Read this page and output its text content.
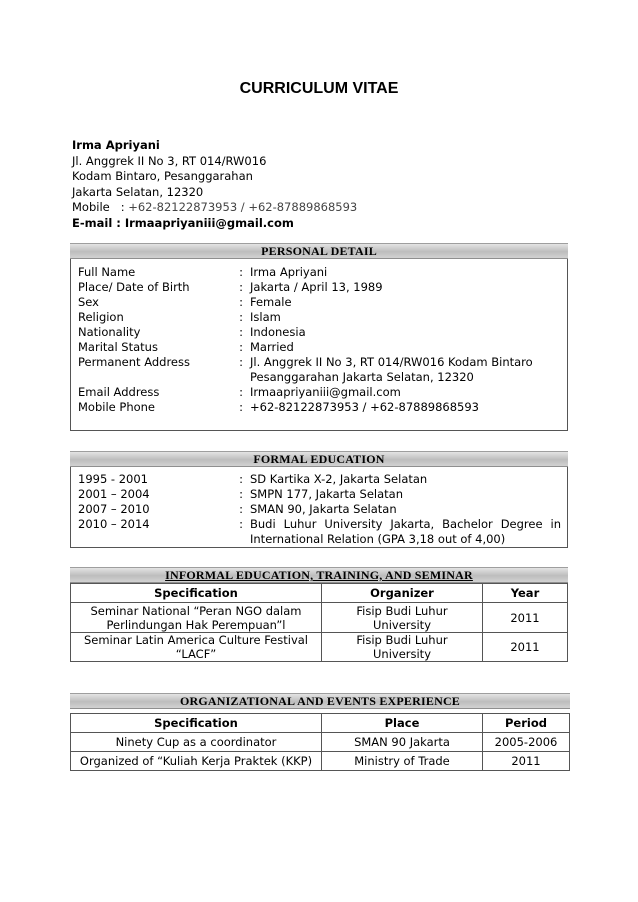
CURRICULUM VITAE
Irma Apriyani
Jl. Anggrek II No 3, RT 014/RW016
Kodam Bintaro, Pesanggarahan
Jakarta Selatan, 12320
Mobile   : +62-82122873953 / +62-87889868593
E-mail : Irmaapriyaniii@gmail.com
PERSONAL DETAIL
Full Name	: Irma Apriyani
Place/ Date of Birth	: Jakarta / April 13, 1989
Sex	: Female
Religion	: Islam
Nationality	: Indonesia
Marital Status	: Married
Permanent Address	: Jl. Anggrek II No 3, RT 014/RW016 Kodam Bintaro
Pesanggarahan Jakarta Selatan, 12320
Email Address	: Irmaapriyaniii@gmail.com
Mobile Phone	: +62-82122873953 / +62-87889868593
FORMAL EDUCATION
1995 - 2001	: SD Kartika X-2, Jakarta Selatan
2001 – 2004	: SMPN 177, Jakarta Selatan
2007 – 2010	: SMAN 90, Jakarta Selatan
2010 – 2014	: Budi Luhur University Jakarta, Bachelor Degree in
International Relation (GPA 3,18 out of 4,00)
INFORMAL EDUCATION, TRAINING, AND SEMINAR
Specification	Organizer	Year
Seminar National “Peran NGO dalam
Perlindungan Hak Perempuan”l	Fisip Budi Luhur University	2011
Seminar Latin America Culture Festival
“LACF”	Fisip Budi Luhur University	2011
ORGANIZATIONAL AND EVENTS EXPERIENCE
Specification	Place	Period
Ninety Cup as a coordinator	SMAN 90 Jakarta	2005-2006
Organized of “Kuliah Kerja Praktek (KKP)	Ministry of Trade	2011
